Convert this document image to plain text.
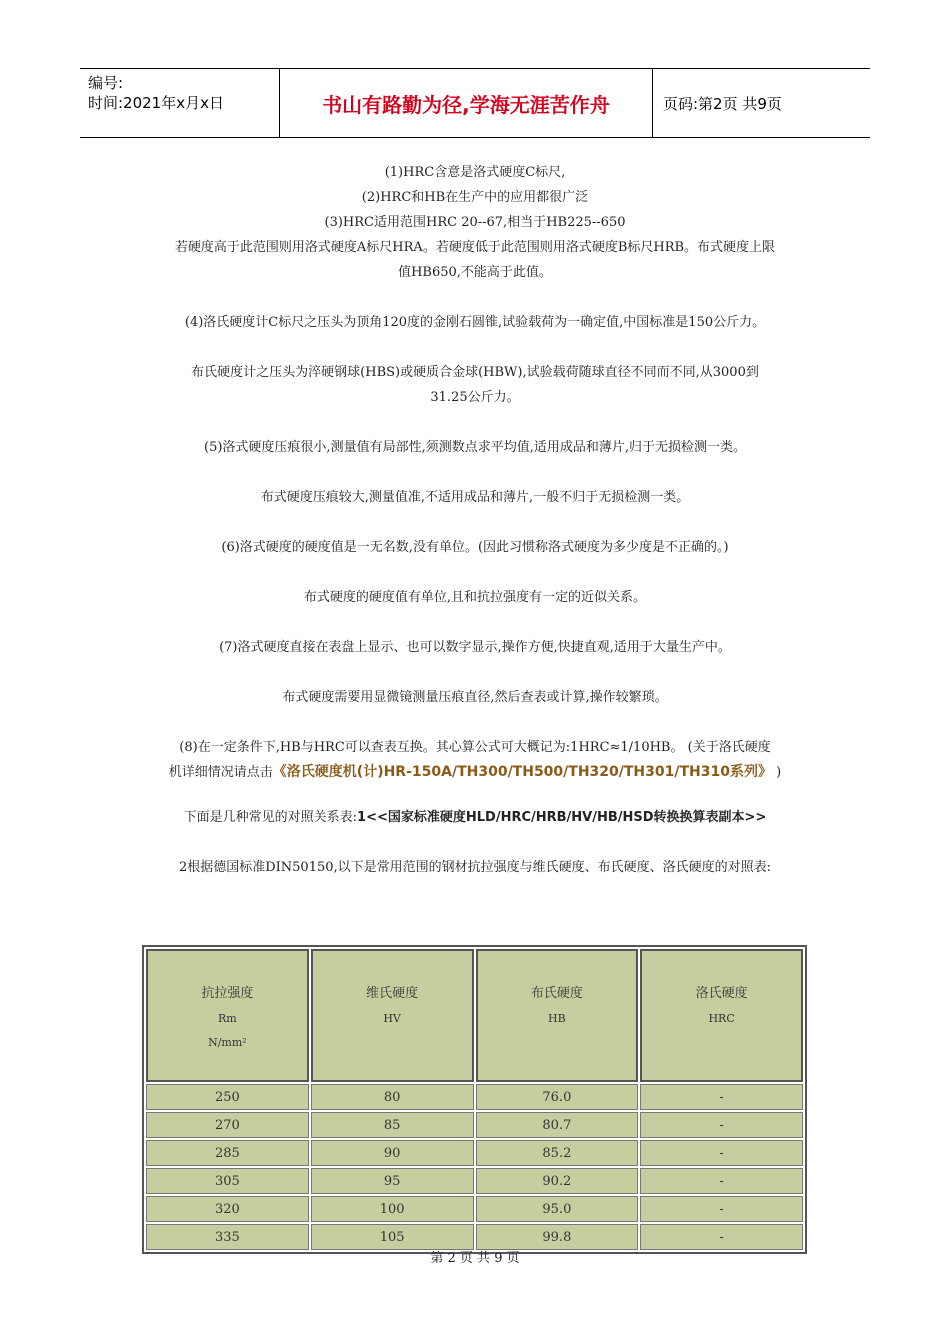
编号:
时间:2021年x月x日	书山有路勤为径,学海无涯苦作舟	页码:第2页 共9页
(1)HRC含意是洛式硬度C标尺,
(2)HRC和HB在生产中的应用都很广泛
(3)HRC适用范围HRC 20--67,相当于HB225--650
若硬度高于此范围则用洛式硬度A标尺HRA。若硬度低于此范围则用洛式硬度B标尺HRB。布式硬度上限
值HB650,不能高于此值。
(4)洛氏硬度计C标尺之压头为顶角120度的金刚石圆锥,试验载荷为一确定值,中国标准是150公斤力。
布氏硬度计之压头为淬硬钢球(HBS)或硬质合金球(HBW),试验载荷随球直径不同而不同,从3000到
31.25公斤力。
(5)洛式硬度压痕很小,测量值有局部性,须测数点求平均值,适用成品和薄片,归于无损检测一类。
布式硬度压痕较大,测量值准,不适用成品和薄片,一般不归于无损检测一类。
(6)洛式硬度的硬度值是一无名数,没有单位。(因此习惯称洛式硬度为多少度是不正确的。)
布式硬度的硬度值有单位,且和抗拉强度有一定的近似关系。
(7)洛式硬度直接在表盘上显示、也可以数字显示,操作方便,快捷直观,适用于大量生产中。
布式硬度需要用显微镜测量压痕直径,然后查表或计算,操作较繁琐。
(8)在一定条件下,HB与HRC可以查表互换。其心算公式可大概记为:1HRC≈1/10HB。 (关于洛氏硬度
机详细情况请点击《洛氏硬度机(计)HR-150A/TH300/TH500/TH320/TH301/TH310系列》 )
下面是几种常见的对照关系表:1<<国家标准硬度HLD/HRC/HRB/HV/HB/HSD转换换算表副本>>
2根据德国标准DIN50150,以下是常用范围的钢材抗拉强度与维氏硬度、布氏硬度、洛氏硬度的对照表:
抗拉强度
Rm
N/mm²	维氏硬度
HV	布氏硬度
HB	洛氏硬度
HRC

250	80	76.0	-
270	85	80.7	-
285	90	85.2	-
305	95	90.2	-
320	100	95.0	-
335	105	99.8	-
第 2 页 共 9 页
